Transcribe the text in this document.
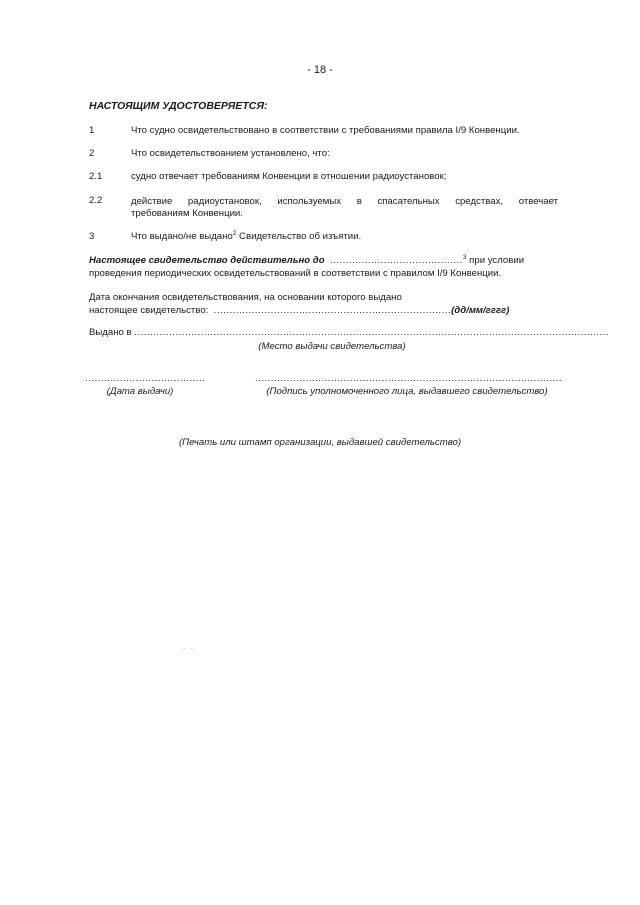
- 18 -
НАСТОЯЩИМ УДОСТОВЕРЯЕТСЯ:
1	Что судно освидетельствовано в соответствии с требованиями правила I/9 Конвенции.
2	Что освидетельствоанием установлено, что:
2.1	судно отвечает требованиям Конвенции в отношении радиоустановок;
2.2	действие радиоустановок, используемых в спасательных средствах, отвечает
требованиям Конвенции.
3	Что выдано/не выдано$^2$ Свидетельство об изъятии.
Настоящее свидетельство действительно до ..........................................$^3$ при условии
проведения периодических освидетельствований в соответствии с правилом I/9 Конвенции.
Дата окончания освидетельствования, на основании которого выдано
настоящее свидетельство: ...........................................................................(дд/мм/гггг)
Выдано в ......................................................................................................................................................
(Место выдачи свидетельства)
......................................
(Дата выдачи)
.................................................................................................
(Подпись уполномоченного лица, выдавшего свидетельство)
(Печать или штамп организации, выдавшей свидетельство)
